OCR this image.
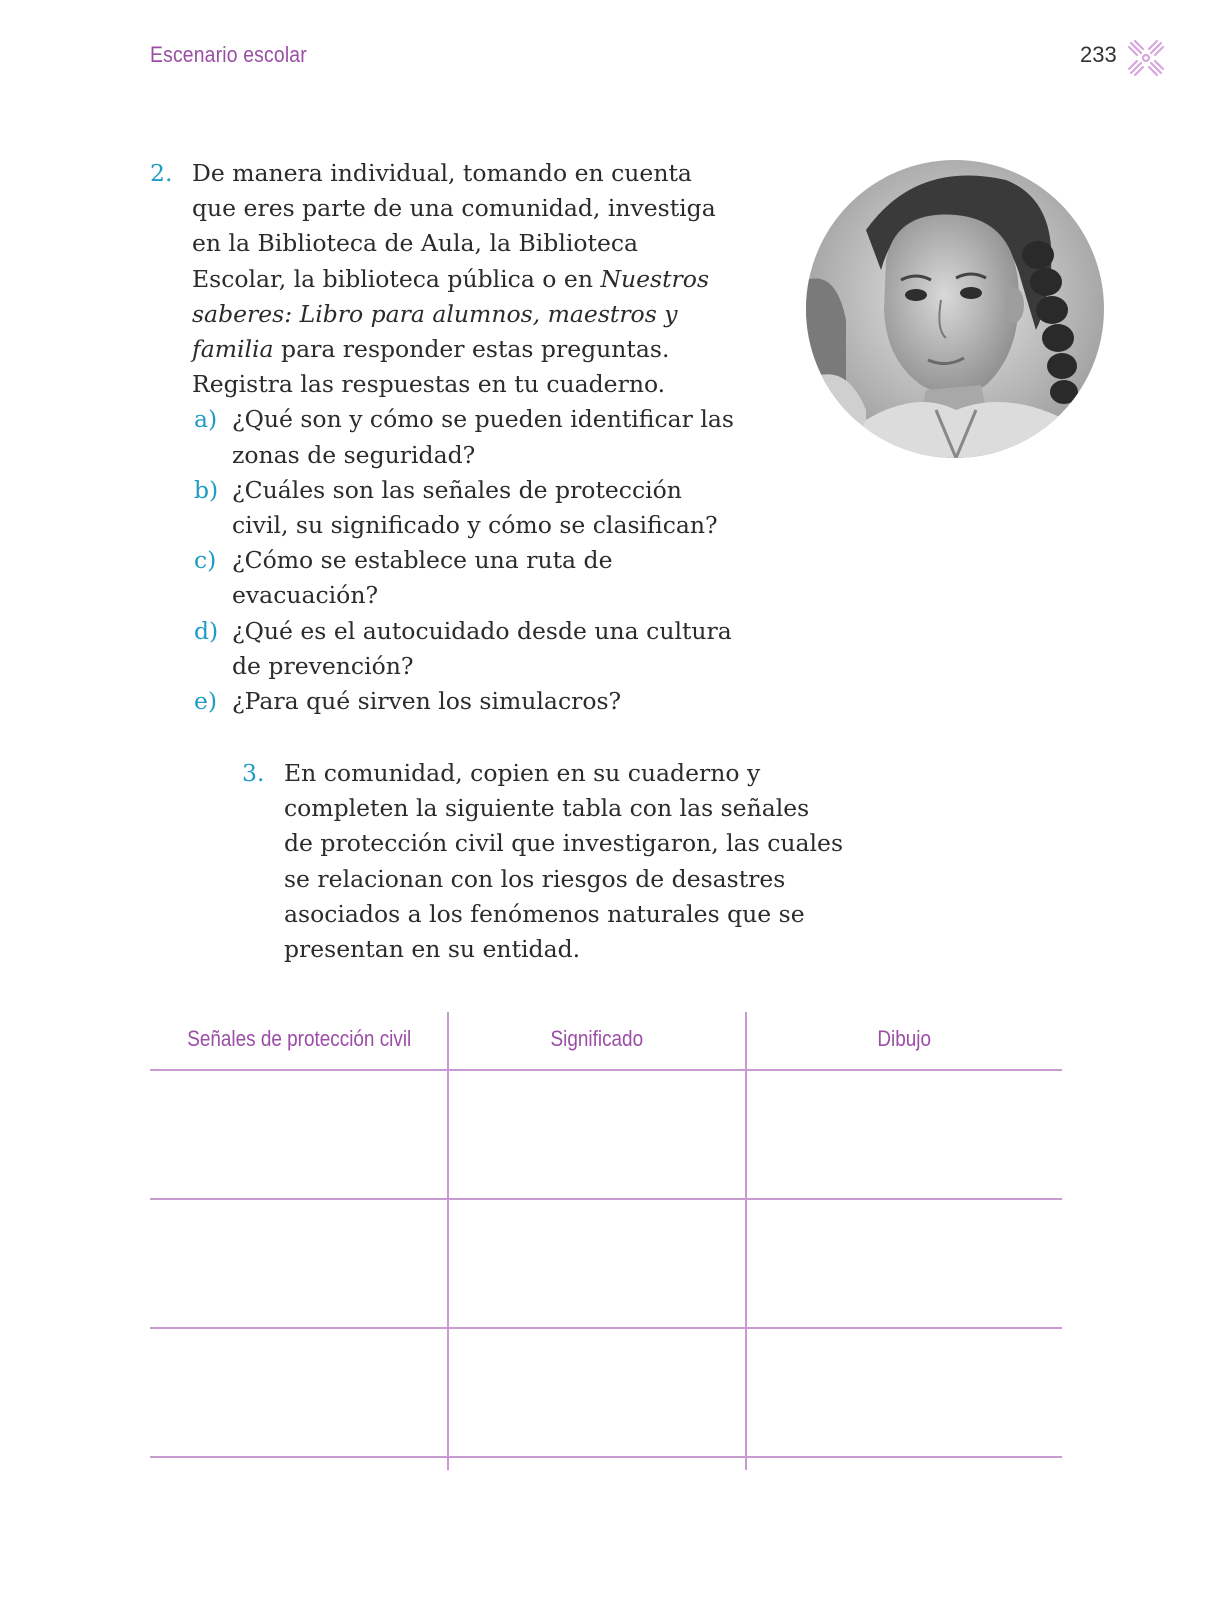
Escenario escolar	233
2. De manera individual, tomando en cuenta

que eres parte de una comunidad, investiga

en la Biblioteca de Aula, la Biblioteca

Escolar, la biblioteca pública o en Nuestros

saberes: Libro para alumnos, maestros y

familia para responder estas preguntas.

Registra las respuestas en tu cuaderno.

a) ¿Qué son y cómo se pueden identificar las

zonas de seguridad?

b) ¿Cuáles son las señales de protección

civil, su significado y cómo se clasifican?

c) ¿Cómo se establece una ruta de

evacuación?

d) ¿Qué es el autocuidado desde una cultura

de prevención?

e) ¿Para qué sirven los simulacros?

3. En comunidad, copien en su cuaderno y

completen la siguiente tabla con las señales

de protección civil que investigaron, las cuales

se relacionan con los riesgos de desastres

asociados a los fenómenos naturales que se

presentan en su entidad.

Señales de protección civil	Significado	Dibujo
